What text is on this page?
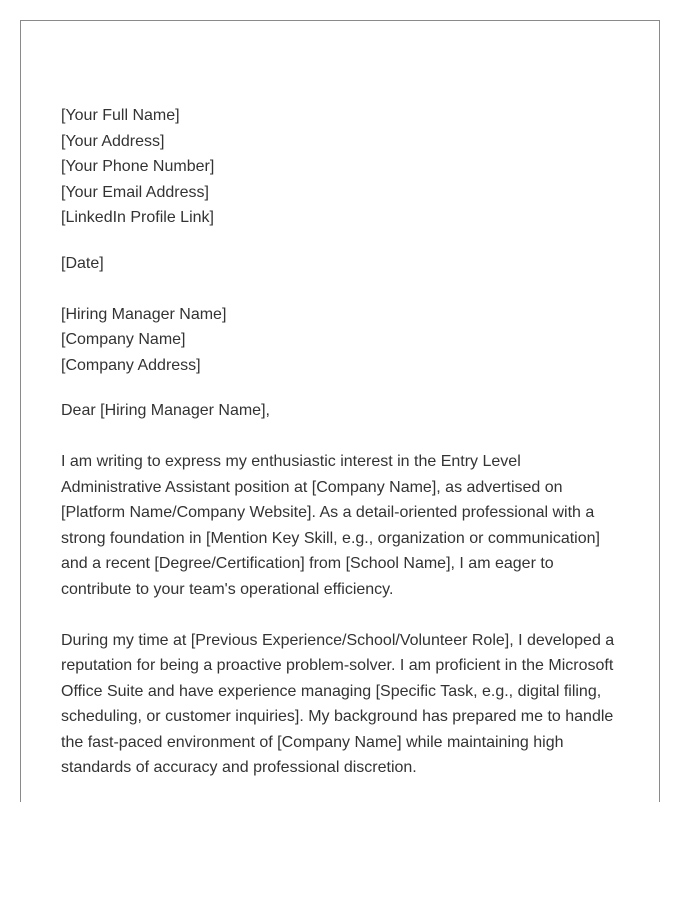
[Your Full Name]
[Your Address]
[Your Phone Number]
[Your Email Address]
[LinkedIn Profile Link]
[Date]
[Hiring Manager Name]
[Company Name]
[Company Address]
Dear [Hiring Manager Name],

I am writing to express my enthusiastic interest in the Entry Level
Administrative Assistant position at [Company Name], as advertised on
[Platform Name/Company Website]. As a detail-oriented professional with a
strong foundation in [Mention Key Skill, e.g., organization or communication]
and a recent [Degree/Certification] from [School Name], I am eager to
contribute to your team's operational efficiency.

During my time at [Previous Experience/School/Volunteer Role], I developed a
reputation for being a proactive problem-solver. I am proficient in the Microsoft
Office Suite and have experience managing [Specific Task, e.g., digital filing,
scheduling, or customer inquiries]. My background has prepared me to handle
the fast-paced environment of [Company Name] while maintaining high
standards of accuracy and professional discretion.
